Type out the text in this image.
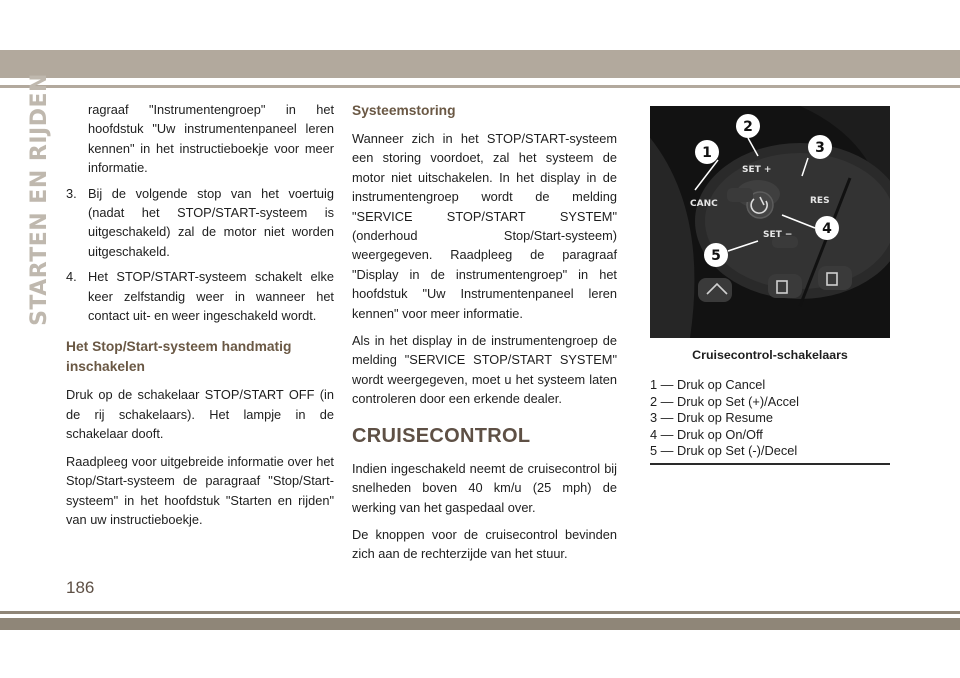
STARTEN EN RIJDEN	ragraaf "Instrumentengroep" in het hoofdstuk "Uw instrumentenpaneel leren kennen" in het instructieboekje voor meer informatie.

3. Bij de volgende stop van het voertuig (nadat het STOP/START-systeem is uitgeschakeld) zal de motor niet worden uitgeschakeld.
4. Het STOP/START-systeem schakelt elke keer zelfstandig weer in wanneer het contact uit- en weer ingeschakeld wordt.
Het Stop/Start-systeem handmatig inschakelen

Druk op de schakelaar STOP/START OFF (in de rij schakelaars). Het lampje in de schakelaar dooft.

Raadpleeg voor uitgebreide informatie over het Stop/Start-systeem de paragraaf "Stop/Start-systeem" in het hoofdstuk "Starten en rijden" van uw instructieboekje.

Systeemstoring

Wanneer zich in het STOP/START-systeem een storing voordoet, zal het systeem de motor niet uitschakelen. In het display in de instrumentengroep wordt de melding "SERVICE STOP/START SYSTEM" (onderhoud Stop/Start-systeem) weergegeven. Raadpleeg de paragraaf "Display in de instrumentengroep" in het hoofdstuk "Uw Instrumentenpaneel leren kennen" voor meer informatie.

Als in het display in de instrumentengroep de melding "SERVICE STOP/START SYSTEM" wordt weergegeven, moet u het systeem laten controleren door een erkende dealer.

CRUISECONTROL

Indien ingeschakeld neemt de cruisecontrol bij snelheden boven 40 km/u (25 mph) de werking van het gaspedaal over.

De knoppen voor de cruisecontrol bevinden zich aan de rechterzijde van het stuur.

CANC
SET +
RES
SET −
1
2
3
4
5
Cruisecontrol-schakelaars
1 — Druk op Cancel
2 — Druk op Set (+)/Accel
3 — Druk op Resume
4 — Druk op On/Off
5 — Druk op Set (-)/Decel
186
